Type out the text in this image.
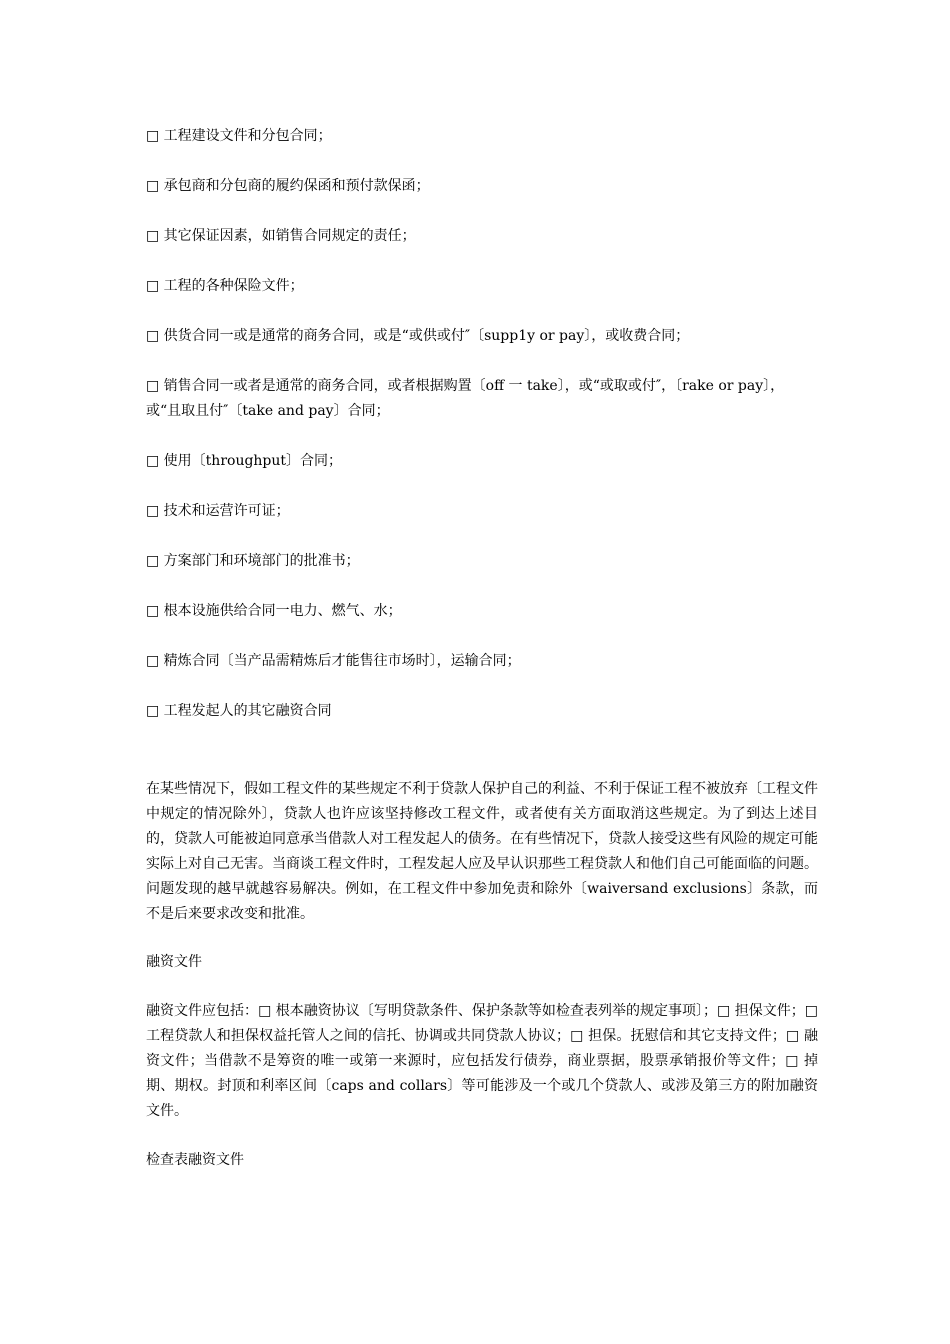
□ 工程建设文件和分包合同；

□ 承包商和分包商的履约保函和预付款保函；

□ 其它保证因素，如销售合同规定的责任；

□ 工程的各种保险文件；

□ 供货合同一或是通常的商务合同，或是“或供或付″〔supp1y or pay〕，或收费合同；

□ 销售合同一或者是通常的商务合同，或者根据购置〔off 一 take〕，或“或取或付″，〔rake or pay〕，或“且取且付″〔take and pay〕合同；

□ 使用〔throughput〕合同；

□ 技术和运营许可证；

□ 方案部门和环境部门的批准书；

□ 根本设施供给合同一电力、燃气、水；

□ 精炼合同〔当产品需精炼后才能售往市场时〕，运输合同；

□ 工程发起人的其它融资合同

在某些情况下，假如工程文件的某些规定不利于贷款人保护自己的利益、不利于保证工程不被放弃〔工程文件中规定的情况除外〕，贷款人也许应该坚持修改工程文件，或者使有关方面取消这些规定。为了到达上述目的，贷款人可能被迫同意承当借款人对工程发起人的债务。在有些情况下，贷款人接受这些有风险的规定可能实际上对自己无害。当商谈工程文件时，工程发起人应及早认识那些工程贷款人和他们自己可能面临的问题。问题发现的越早就越容易解决。例如，在工程文件中参加免责和除外〔waiversand exclusions〕条款，而不是后来要求改变和批准。

融资文件

融资文件应包括：□ 根本融资协议〔写明贷款条件、保护条款等如检查表列举的规定事项〕；□ 担保文件；□ 工程贷款人和担保权益托管人之间的信托、协调或共同贷款人协议；□ 担保。抚慰信和其它支持文件；□ 融资文件；当借款不是筹资的唯一或第一来源时，应包括发行债券，商业票据，股票承销报价等文件；□ 掉期、期权。封顶和利率区间〔caps and collars〕等可能涉及一个或几个贷款人、或涉及第三方的附加融资文件。

检查表融资文件
